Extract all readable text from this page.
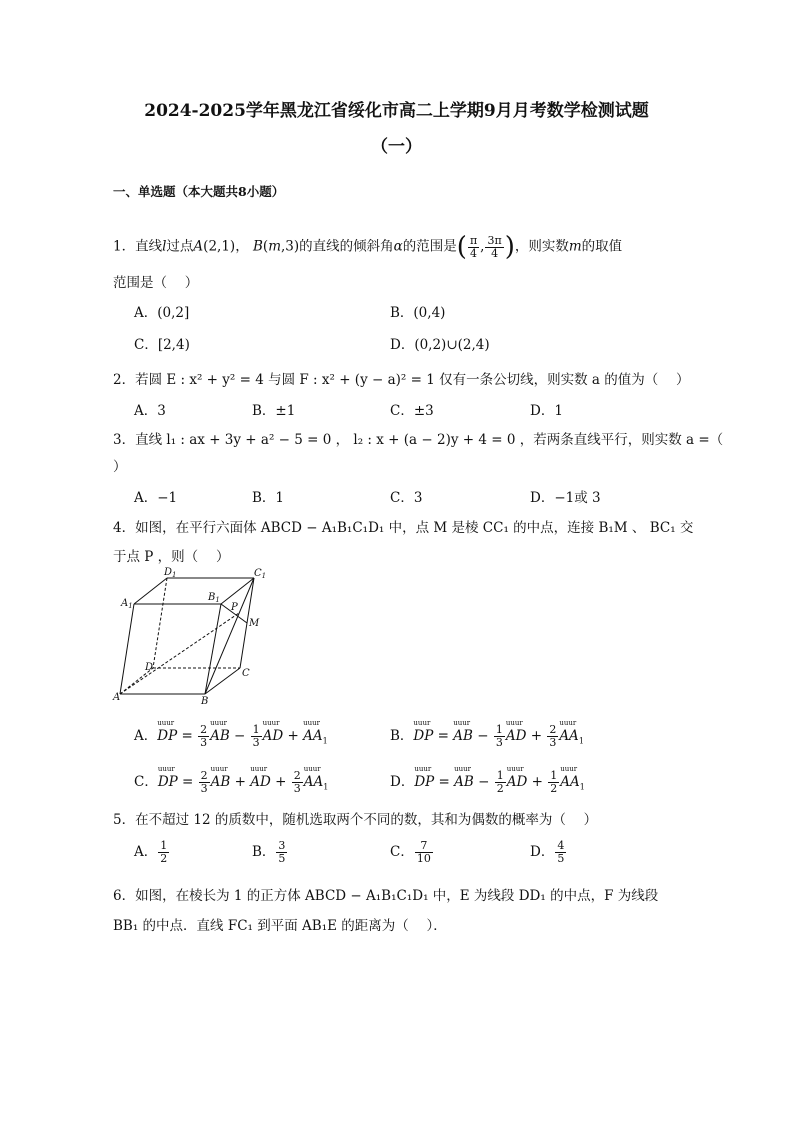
2024-2025学年黑龙江省绥化市高二上学期9月月考数学检测试题
（一）
一、单选题（本大题共8小题）
1．直线l过点A(2,1)， B(m,3)的直线的倾斜角α的范围是( $\frac{\pi}{4}$ , $\frac{3\pi}{4}$ )，则实数m的取值
范围是（　 ）
A．(0,2]	B．(0,4)
C．[2,4)	D．(0,2)∪(2,4)
2．若圆 E : x² + y² = 4 与圆 F : x² + (y − a)² = 1 仅有一条公切线，则实数 a 的值为（　 ）
A．3	B．±1	C．±3	D．1
3．直线 l₁ : ax + 3y + a² − 5 = 0 ， l₂ : x + (a − 2)y + 4 = 0 ，若两条直线平行，则实数 a =（
）
A．−1	B．1	C．3	D．−1或 3
4．如图，在平行六面体 ABCD − A₁B₁C₁D₁ 中，点 M 是棱 CC₁ 的中点，连接 B₁M 、 BC₁ 交
于点 P ，则（　 ）
$D_1$	$C_1$
$A_1$
$B_1$
P
M
D
C
A	B
A．uuur DP = $\frac{2}{3}$ uuur AB − $\frac{1}{3}$ uuur AD + uuur $AA_1$	B．uuur DP = uuur AB − $\frac{1}{3}$ uuur AD + $\frac{2}{3}$ uuur $AA_1$
C．uuur DP = $\frac{2}{3}$ uuur AB + uuur AD + $\frac{2}{3}$ uuur $AA_1$	D．uuur DP = uuur AB − $\frac{1}{2}$ uuur AD + $\frac{1}{2}$ uuur $AA_1$
5．在不超过 12 的质数中，随机选取两个不同的数，其和为偶数的概率为（　 ）
A． $\frac{1}{2}$	B． $\frac{3}{5}$	C． $\frac{7}{10}$	D． $\frac{4}{5}$
6．如图，在棱长为 1 的正方体 ABCD − A₁B₁C₁D₁ 中，E 为线段 DD₁ 的中点，F 为线段
BB₁ 的中点．直线 FC₁ 到平面 AB₁E 的距离为（　 ）．
